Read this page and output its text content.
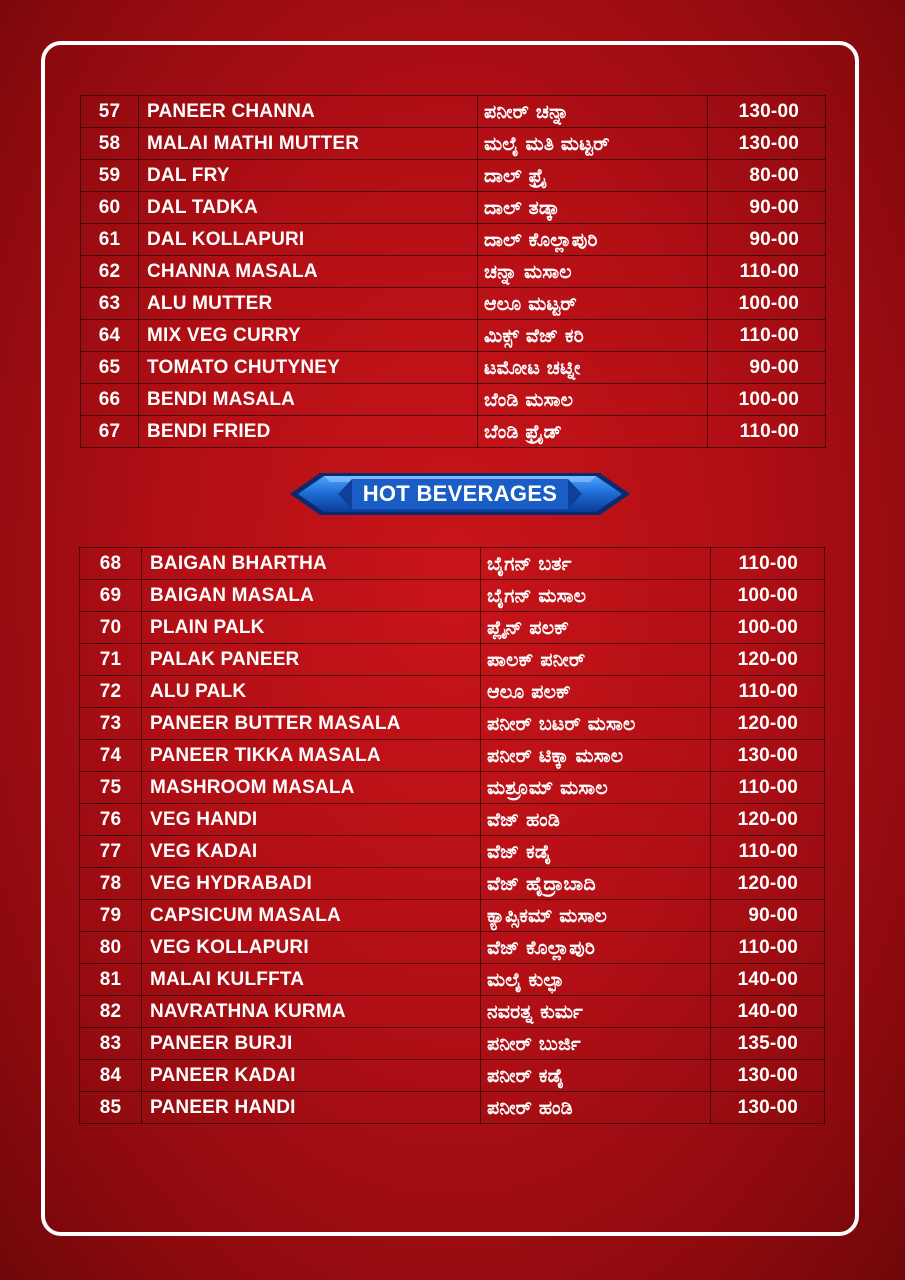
57	PANEER CHANNA	ಪನೀರ್ ಚನ್ನಾ	130-00
58	MALAI MATHI MUTTER	ಮಲೈ ಮತಿ ಮಟ್ಟರ್	130-00
59	DAL FRY	ದಾಲ್ ಫ್ರೈ	80-00
60	DAL TADKA	ದಾಲ್ ತಡ್ಕಾ	90-00
61	DAL KOLLAPURI	ದಾಲ್ ಕೊಲ್ಲಾಪುರಿ	90-00
62	CHANNA MASALA	ಚನ್ನಾ ಮಸಾಲ	110-00
63	ALU MUTTER	ಆಲೂ ಮಟ್ಟರ್	100-00
64	MIX VEG CURRY	ಮಿಕ್ಸ್ ವೆಜ್ ಕರಿ	110-00
65	TOMATO CHUTYNEY	ಟಮೋಟ ಚಟ್ನೀ	90-00
66	BENDI MASALA	ಬೆಂಡಿ ಮಸಾಲ	100-00
67	BENDI FRIED	ಬೆಂಡಿ ಫ್ರೈಡ್	110-00
HOT BEVERAGES
68	BAIGAN BHARTHA	ಬೈಗನ್ ಬರ್ತ	110-00
69	BAIGAN MASALA	ಬೈಗನ್ ಮಸಾಲ	100-00
70	PLAIN PALK	ಪ್ಲೈನ್ ಪಲಕ್	100-00
71	PALAK PANEER	ಪಾಲಕ್ ಪನೀರ್	120-00
72	ALU PALK	ಆಲೂ ಪಲಕ್	110-00
73	PANEER BUTTER MASALA	ಪನೀರ್ ಬಟರ್ ಮಸಾಲ	120-00
74	PANEER TIKKA MASALA	ಪನೀರ್ ಟಿಕ್ಕಾ ಮಸಾಲ	130-00
75	MASHROOM MASALA	ಮಶ್ರೂಮ್ ಮಸಾಲ	110-00
76	VEG HANDI	ವೆಜ್ ಹಂಡಿ	120-00
77	VEG KADAI	ವೆಜ್ ಕಡೈ	110-00
78	VEG HYDRABADI	ವೆಜ್ ಹೈದ್ರಾಬಾದಿ	120-00
79	CAPSICUM MASALA	ಕ್ಯಾಪ್ಸಿಕಮ್ ಮಸಾಲ	90-00
80	VEG KOLLAPURI	ವೆಜ್ ಕೊಲ್ಲಾಪುರಿ	110-00
81	MALAI KULFFTA	ಮಲೈ ಕುಲ್ಫಾ	140-00
82	NAVRATHNA KURMA	ನವರತ್ನ ಕುರ್ಮ	140-00
83	PANEER BURJI	ಪನೀರ್ ಬುರ್ಜಿ	135-00
84	PANEER KADAI	ಪನೀರ್ ಕಡೈ	130-00
85	PANEER HANDI	ಪನೀರ್ ಹಂಡಿ	130-00
